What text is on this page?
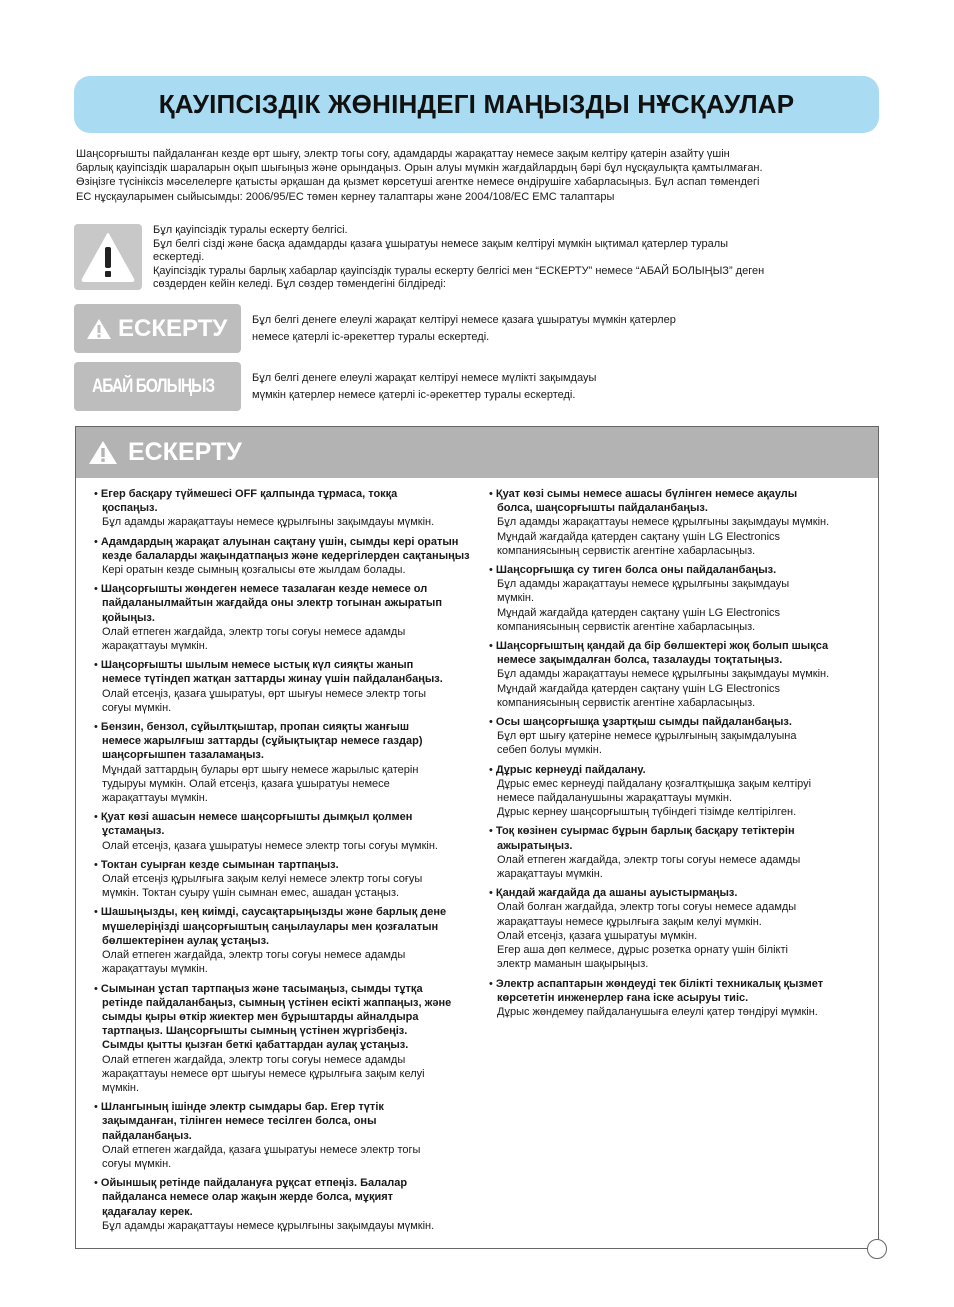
ҚАУІПСІЗДІК ЖӨНІНДЕГІ МАҢЫЗДЫ НҰСҚАУЛАР
Шаңсорғышты пайдаланған кезде өрт шығу, электр тогы соғу, адамдарды жарақаттау немесе зақым келтіру қатерін азайту үшін
барлық қауіпсіздік шараларын оқып шығыңыз және орындаңыз. Орын алуы мүмкін жағдайлардың бәрі бұл нұсқаулықта қамтылмаған.
Өзіңізге түсініксіз мәселелерге қатысты әрқашан да қызмет көрсетуші агентке немесе өндірушіге хабарласыңыз. Бұл аспап төмендегі
ЕС нұсқауларымен сыйысымды: 2006/95/ЕС төмен кернеу талаптары және 2004/108/ЕС ЕМС талаптары
Бұл қауіпсіздік туралы ескерту белгісі.
Бұл белгі сізді және басқа адамдарды қазаға ұшыратуы немесе зақым келтіруі мүмкін ықтимал қатерлер туралы
ескертеді.
Қауіпсіздік туралы барлық хабарлар қауіпсіздік туралы ескерту белгісі мен “ЕСКЕРТУ” немесе “АБАЙ БОЛЫҢЫЗ” деген
сөздерден кейін келеді. Бұл сөздер төмендегіні білдіреді:
ЕСКЕРТУ Бұл белгі денеге елеулі жарақат келтіруі немесе қазаға ұшыратуы мүмкін қатерлер
немесе қатерлі іс-әрекеттер туралы ескертеді.
АБАЙ БОЛЫҢЫЗ	Бұл белгі денеге елеулі жарақат келтіруі немесе мүлікті зақымдауы
мүмкін қатерлер немесе қатерлі іс-әрекеттер туралы ескертеді.
ЕСКЕРТУ
• Егер басқару түймешесі OFF қалпында тұрмаса, токқа
қоспаңыз.
Бұл адамды жарақаттауы немесе құрылғыны зақымдауы мүмкін.
• Адамдардың жарақат алуынан сақтану үшін, сымды кері оратын
кезде балаларды жақындатпаңыз және кедергілерден сақтаныңыз
Кері оратын кезде сымның қозғалысы өте жылдам болады.
• Шаңсорғышты жөндеген немесе тазалаған кезде немесе ол
пайдаланылмайтын жағдайда оны электр тогынан ажыратып
қойыңыз.
Олай етпеген жағдайда, электр тогы соғуы немесе адамды
жарақаттауы мүмкін.
• Шаңсорғышты шылым немесе ыстық күл сияқты жанып
немесе түтіндеп жатқан заттарды жинау үшін пайдаланбаңыз.
Олай етсеңіз, қазаға ұшыратуы, өрт шығуы немесе электр тогы
соғуы мүмкін.
• Бензин, бензол, сұйылтқыштар, пропан сияқты жанғыш
немесе жарылғыш заттарды (сұйықтықтар немесе газдар)
шаңсорғышпен тазаламаңыз.
Мұндай заттардың булары өрт шығу немесе жарылыс қатерін
тудыруы мүмкін. Олай етсеңіз, қазаға ұшыратуы немесе
жарақаттауы мүмкін.
• Қуат көзі ашасын немесе шаңсорғышты дымқыл қолмен
ұстамаңыз.
Олай етсеңіз, қазаға ұшыратуы немесе электр тогы соғуы мүмкін.
• Токтан суырған кезде сымынан тартпаңыз.
Олай етсеңіз құрылғыға зақым келуі немесе электр тогы соғуы
мүмкін. Токтан суыру үшін сымнан емес, ашадан ұстаңыз.
• Шашыңызды, кең киімді, саусақтарыңызды және барлық дене
мүшелеріңізді шаңсорғыштың саңылаулары мен қозғалатын
бөлшектерінен аулақ ұстаңыз.
Олай етпеген жағдайда, электр тогы соғуы немесе адамды
жарақаттауы мүмкін.
• Сымынан ұстап тартпаңыз және тасымаңыз, сымды тұтқа
ретінде пайдаланбаңыз, сымның үстінен есікті жаппаңыз, және
сымды қыры өткір жиектер мен бұрыштарды айналдыра
тартпаңыз. Шаңсорғышты сымның үстінен жүргізбеңіз.
Сымды қытты қызған беткі қабаттардан аулақ ұстаңыз.
Олай етпеген жағдайда, электр тогы соғуы немесе адамды
жарақаттауы немесе өрт шығуы немесе құрылғыға зақым келуі
мүмкін.
• Шлангының ішінде электр сымдары бар. Егер түтік
зақымданған, тілінген немесе тесілген болса, оны
пайдаланбаңыз.
Олай етпеген жағдайда, қазаға ұшыратуы немесе электр тогы
соғуы мүмкін.
• Ойыншық ретінде пайдалануға рұқсат етпеңіз. Балалар
пайдаланса немесе олар жақын жерде болса, мұқият
қадағалау керек.
Бұл адамды жарақаттауы немесе құрылғыны зақымдауы мүмкін.
• Қуат көзі сымы немесе ашасы бүлінген немесе ақаулы
болса, шаңсорғышты пайдаланбаңыз.
Бұл адамды жарақаттауы немесе құрылғыны зақымдауы мүмкін.
Мұндай жағдайда қатерден сақтану үшін LG Electronics
компаниясының сервистік агентіне хабарласыңыз.
• Шаңсорғышқа су тиген болса оны пайдаланбаңыз.
Бұл адамды жарақаттауы немесе құрылғыны зақымдауы
мүмкін.
Мұндай жағдайда қатерден сақтану үшін LG Electronics
компаниясының сервистік агентіне хабарласыңыз.
• Шаңсорғыштың қандай да бір бөлшектері жоқ болып шықса
немесе зақымдалған болса, тазалауды тоқтатыңыз.
Бұл адамды жарақаттауы немесе құрылғыны зақымдауы мүмкін.
Мұндай жағдайда қатерден сақтану үшін LG Electronics
компаниясының сервистік агентіне хабарласыңыз.
• Осы шаңсорғышқа ұзартқыш сымды пайдаланбаңыз.
Бұл өрт шығу қатеріне немесе құрылғының зақымдалуына
себеп болуы мүмкін.
• Дұрыс кернеуді пайдалану.
Дұрыс емес кернеуді пайдалану қозғалтқышқа зақым келтіруі
немесе пайдаланушыны жарақаттауы мүмкін.
Дұрыс кернеу шаңсорғыштың түбіндегі тізімде келтірілген.
• Тоқ көзінен суырмас бұрын барлық басқару тетіктерін
ажыратыңыз.
Олай етпеген жағдайда, электр тогы соғуы немесе адамды
жарақаттауы мүмкін.
• Қандай жағдайда да ашаны ауыстырмаңыз.
Олай болған жағдайда, электр тогы соғуы немесе адамды
жарақаттауы немесе құрылғыға зақым келуі мүмкін.
Олай етсеңіз, қазаға ұшыратуы мүмкін.
Егер аша дөп келмесе, дұрыс розетка орнату үшін білікті
электр маманын шақырыңыз.
• Электр аспаптарын жөндеуді тек білікті техникалық қызмет
көрсететін инженерлер ғана іске асыруы тиіс.
Дұрыс жөндемеу пайдаланушыға елеулі қатер төндіруі мүмкін.
